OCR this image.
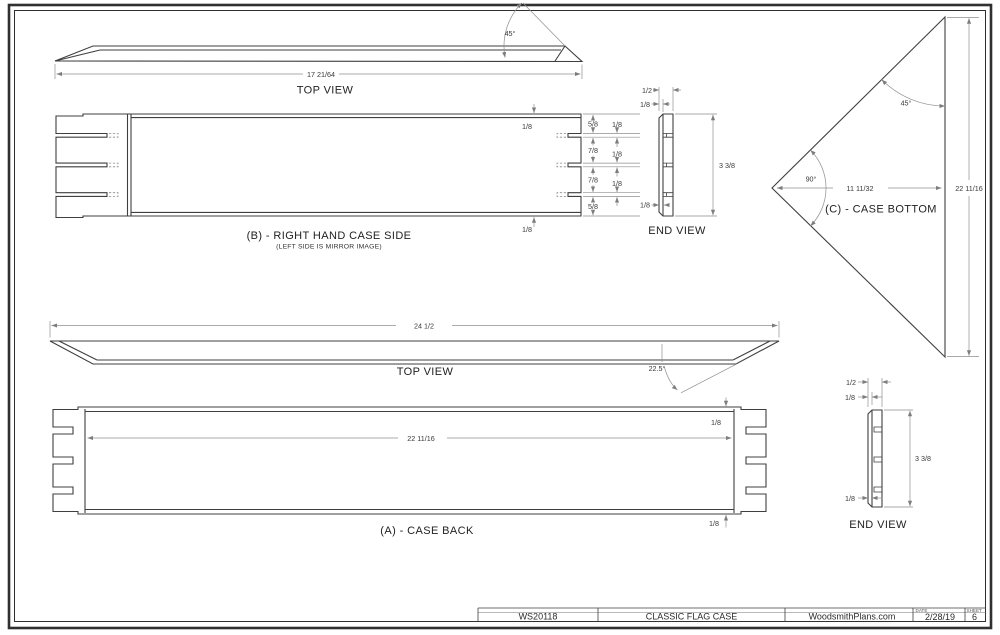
17 21/64
45°
TOP VIEW
5/8
7/8
7/8
5/8
1/8
1/8
1/8
1/8
1/8
(B) - RIGHT HAND CASE SIDE
(LEFT SIDE IS MIRROR IMAGE)
1/2
1/8
3 3/8
1/8
END VIEW
45°
90°
11 11/32	22 11/16
(C) - CASE BOTTOM
24 1/2
22.5°
TOP VIEW
22 11/16
1/8
1/8
(A) - CASE BACK
1/2
1/8
3 3/8
1/8
END VIEW
WS20118	CLASSIC FLAG CASE	WoodsmithPlans.com
DATE
2/28/19
SHEET
6
